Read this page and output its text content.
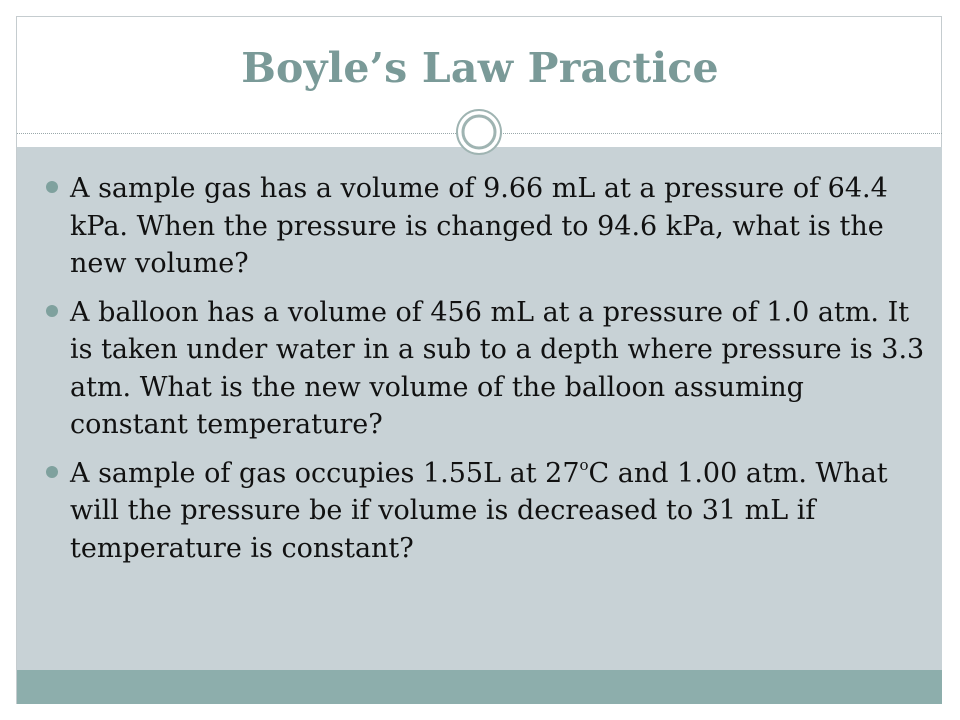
Boyle’s Law Practice
A sample gas has a volume of 9.66 mL at a pressure of 64.4 kPa. When the pressure is changed to 94.6 kPa, what is the new volume?
A balloon has a volume of 456 mL at a pressure of 1.0 atm. It is taken under water in a sub to a depth where pressure is 3.3 atm. What is the new volume of the balloon assuming constant temperature?
A sample of gas occupies 1.55L at 27$^o$C and 1.00 atm. What will the pressure be if volume is decreased to 31 mL if temperature is constant?
